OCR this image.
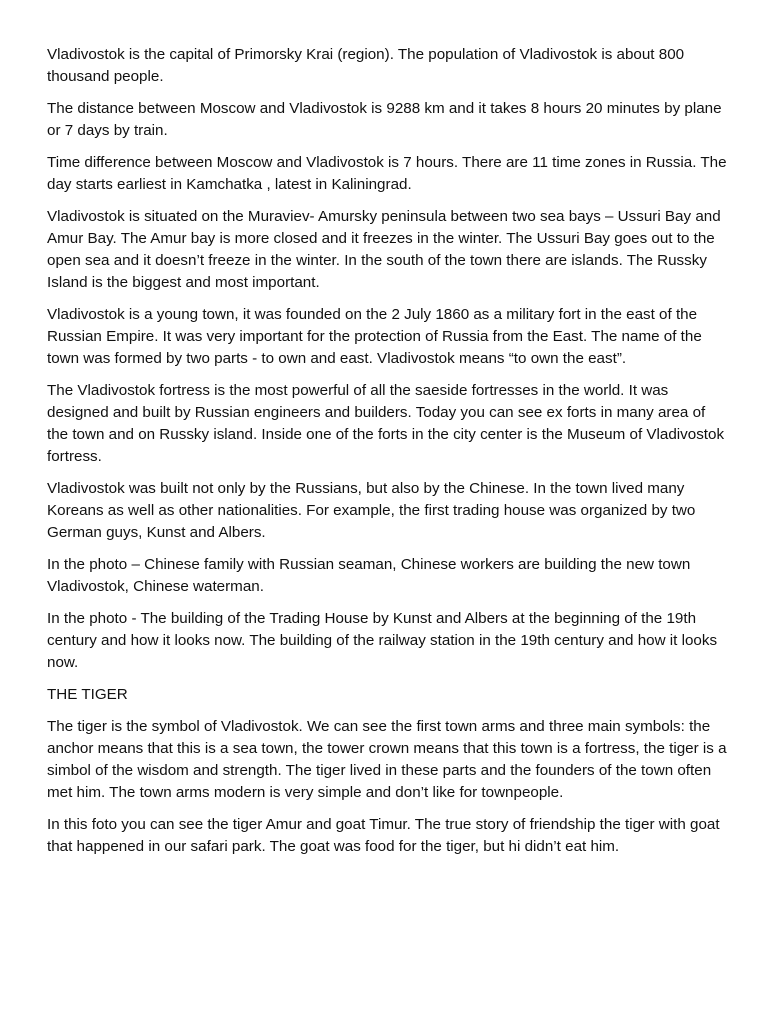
Vladivostok is the capital of Primorsky Krai (region). The population of Vladivostok is about 800 thousand people.

The distance between Moscow and Vladivostok is 9288 km and it takes 8 hours 20 minutes by plane or 7 days by train.

Time difference between Moscow and Vladivostok is 7 hours. There are 11 time zones in Russia. The day starts earliest in Kamchatka , latest in Kaliningrad.

Vladivostok is situated on the Muraviev- Amursky peninsula between two sea bays – Ussuri Bay and Amur Bay. The Amur bay is more closed and it freezes in the winter. The Ussuri Bay goes out to the open sea and it doesn’t freeze in the winter. In the south of the town there are islands. The Russky Island is the biggest and most important.

Vladivostok is a young town, it was founded on the 2 July 1860 as a military fort in the east of the Russian Empire. It was very important for the protection of Russia from the East. The name of the town was formed by two parts - to own and east. Vladivostok means “to own the east”.

The Vladivostok fortress is the most powerful of all the saeside fortresses in the world. It was designed and built by Russian engineers and builders. Today you can see ex forts in many area of the town and on Russky island. Inside one of the forts in the city center is the Museum of Vladivostok fortress.

Vladivostok was built not only by the Russians, but also by the Chinese. In the town lived many Koreans as well as other nationalities. For example, the first trading house was organized by two German guys, Kunst and Albers.

In the photo – Chinese family with Russian seaman, Chinese workers are building the new town Vladivostok, Chinese waterman.

In the photo - The building of the Trading House by Kunst and Albers at the beginning of the 19th century and how it looks now. The building of the railway station in the 19th century and how it looks now.

THE TIGER

The tiger is the symbol of Vladivostok. We can see the first town arms and three main symbols: the anchor means that this is a sea town, the tower crown means that this town is a fortress, the tiger is a simbol of the wisdom and strength. The tiger lived in these parts and the founders of the town often met him. The town arms modern is very simple and don’t like for townpeople.

In this foto you can see the tiger Amur and goat Timur. The true story of friendship the tiger with goat that happened in our safari park. The goat was food for the tiger, but hi didn’t eat him.
